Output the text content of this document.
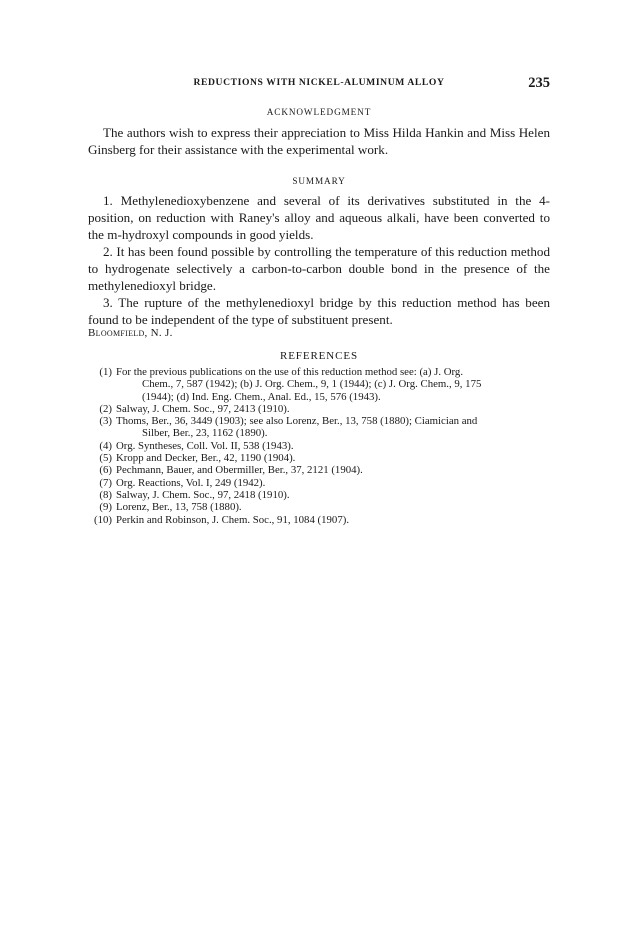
REDUCTIONS WITH NICKEL-ALUMINUM ALLOY	235
ACKNOWLEDGMENT

The authors wish to express their appreciation to Miss Hilda Hankin and Miss Helen Ginsberg for their assistance with the experimental work.

SUMMARY

1. Methylenedioxybenzene and several of its derivatives substituted in the 4-position, on reduction with Raney's alloy and aqueous alkali, have been converted to the m-hydroxyl compounds in good yields.

2. It has been found possible by controlling the temperature of this reduction method to hydrogenate selectively a carbon-to-carbon double bond in the presence of the methylenedioxyl bridge.

3. The rupture of the methylenedioxyl bridge by this reduction method has been found to be independent of the type of substituent present.

Bloomfield, N. J.
REFERENCES
(1) For the previous publications on the use of this reduction method see: (a) J. Org.
Chem., 7, 587 (1942); (b) J. Org. Chem., 9, 1 (1944); (c) J. Org. Chem., 9, 175
(1944); (d) Ind. Eng. Chem., Anal. Ed., 15, 576 (1943).
(2) Salway, J. Chem. Soc., 97, 2413 (1910).
(3) Thoms, Ber., 36, 3449 (1903); see also Lorenz, Ber., 13, 758 (1880); Ciamician and
Silber, Ber., 23, 1162 (1890).
(4) Org. Syntheses, Coll. Vol. II, 538 (1943).
(5) Kropp and Decker, Ber., 42, 1190 (1904).
(6) Pechmann, Bauer, and Obermiller, Ber., 37, 2121 (1904).
(7) Org. Reactions, Vol. I, 249 (1942).
(8) Salway, J. Chem. Soc., 97, 2418 (1910).
(9) Lorenz, Ber., 13, 758 (1880).
(10) Perkin and Robinson, J. Chem. Soc., 91, 1084 (1907).
